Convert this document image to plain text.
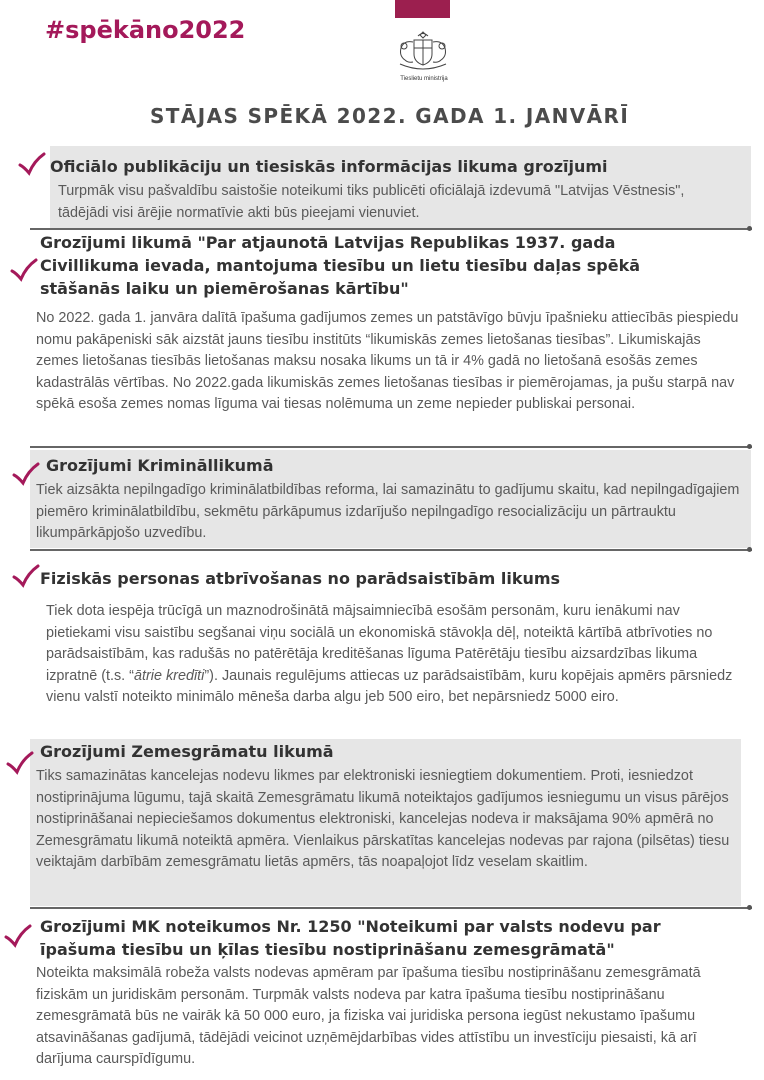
#spēkāno2022
Tieslietu ministrija
STĀJAS SPĒKĀ 2022. GADA 1. JANVĀRĪ
Oficiālo publikāciju un tiesiskās informācijas likuma grozījumi

Turpmāk visu pašvaldību saistošie noteikumi tiks publicēti oficiālajā izdevumā "Latvijas Vēstnesis", tādējādi visi ārējie normatīvie akti būs pieejami vienuviet.

Grozījumi likumā "Par atjaunotā Latvijas Republikas 1937. gada Civillikuma ievada, mantojuma tiesību un lietu tiesību daļas spēkā stāšanās laiku un piemērošanas kārtību"

No 2022. gada 1. janvāra dalītā īpašuma gadījumos zemes un patstāvīgo būvju īpašnieku attiecībās piespiedu nomu pakāpeniski sāk aizstāt jauns tiesību institūts “likumiskās zemes lietošanas tiesības”. Likumiskajās zemes lietošanas tiesībās lietošanas maksu nosaka likums un tā ir 4% gadā no lietošanā esošās zemes kadastrālās vērtības. No 2022.gada likumiskās zemes lietošanas tiesības ir piemērojamas, ja pušu starpā nav spēkā esoša zemes nomas līguma vai tiesas nolēmuma un zeme nepieder publiskai personai.

Grozījumi Krimināllikumā

Tiek aizsākta nepilngadīgo kriminālatbildības reforma, lai samazinātu to gadījumu skaitu, kad nepilngadīgajiem piemēro kriminālatbildību, sekmētu pārkāpumus izdarījušo nepilngadīgo resocializāciju un pārtrauktu likumpārkāpjošo uzvedību.

Fiziskās personas atbrīvošanas no parādsaistībām likums

Tiek dota iespēja trūcīgā un maznodrošinātā mājsaimniecībā esošām personām, kuru ienākumi nav pietiekami visu saistību segšanai viņu sociālā un ekonomiskā stāvokļa dēļ, noteiktā kārtībā atbrīvoties no parādsaistībām, kas radušās no patērētāja kreditēšanas līguma Patērētāju tiesību aizsardzības likuma izpratnē (t.s. “ātrie kredīti”). Jaunais regulējums attiecas uz parādsaistībām, kuru kopējais apmērs pārsniedz vienu valstī noteikto minimālo mēneša darba algu jeb 500 eiro, bet nepārsniedz 5000 eiro.

Grozījumi Zemesgrāmatu likumā

Tiks samazinātas kancelejas nodevu likmes par elektroniski iesniegtiem dokumentiem. Proti, iesniedzot nostiprinājuma lūgumu, tajā skaitā Zemesgrāmatu likumā noteiktajos gadījumos iesniegumu un visus pārējos nostiprināšanai nepieciešamos dokumentus elektroniski, kancelejas nodeva ir maksājama 90% apmērā no Zemesgrāmatu likumā noteiktā apmēra. Vienlaikus pārskatītas kancelejas nodevas par rajona (pilsētas) tiesu veiktajām darbībām zemesgrāmatu lietās apmērs, tās noapaļojot līdz veselam skaitlim.

Grozījumi MK noteikumos Nr. 1250 "Noteikumi par valsts nodevu par īpašuma tiesību un ķīlas tiesību nostiprināšanu zemesgrāmatā"

Noteikta maksimālā robeža valsts nodevas apmēram par īpašuma tiesību nostiprināšanu zemesgrāmatā fiziskām un juridiskām personām. Turpmāk valsts nodeva par katra īpašuma tiesību nostiprināšanu zemesgrāmatā būs ne vairāk kā 50 000 euro, ja fiziska vai juridiska persona iegūst nekustamo īpašumu atsavināšanas gadījumā, tādējādi veicinot uzņēmējdarbības vides attīstību un investīciju piesaisti, kā arī darījuma caurspīdīgumu.
